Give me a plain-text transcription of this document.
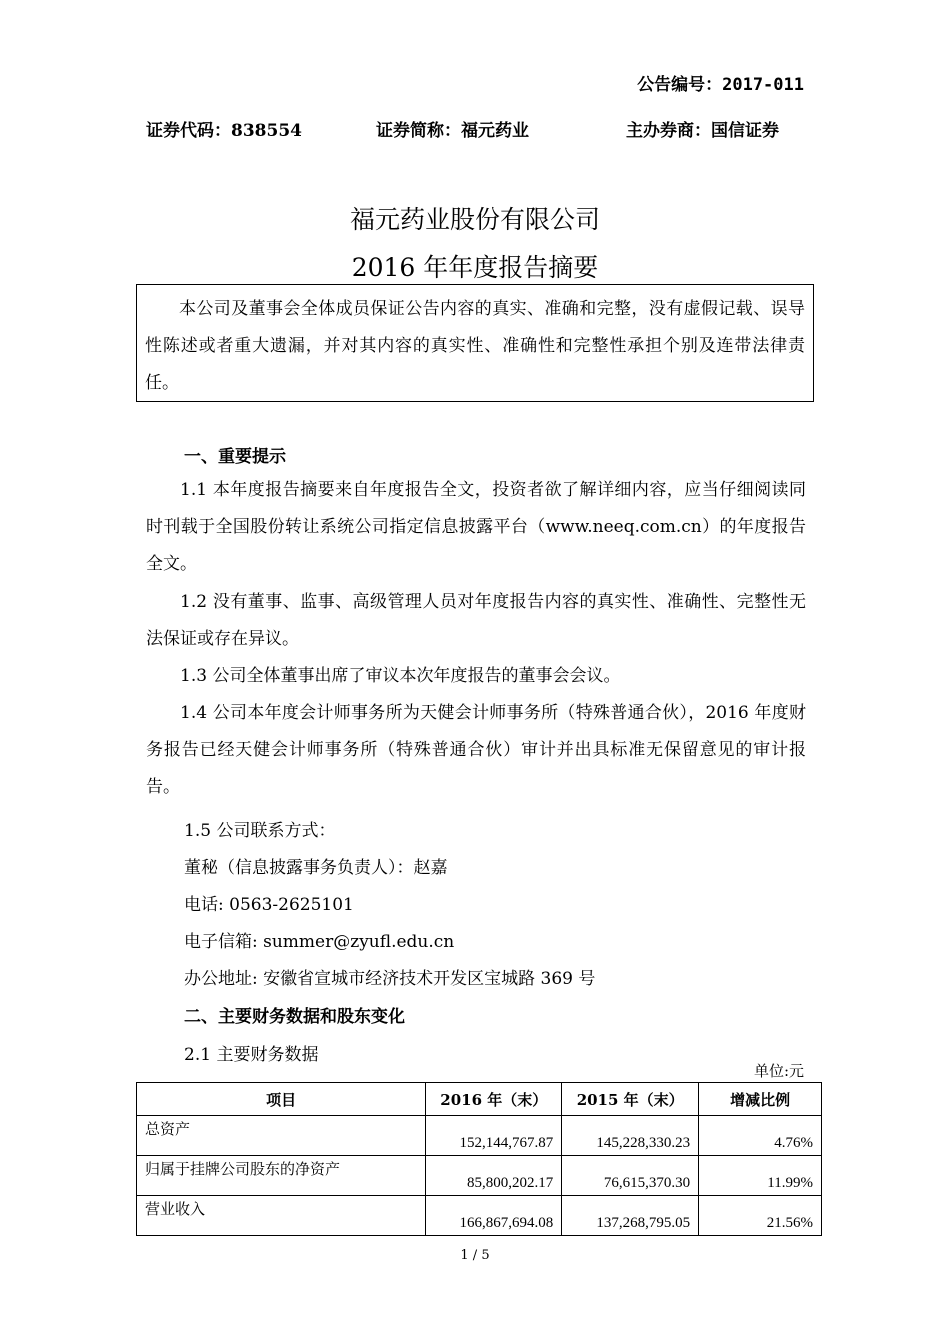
公告编号：2017-011
证券代码：838554	证券简称：福元药业	主办券商：国信证券
福元药业股份有限公司
2016 年年度报告摘要
本公司及董事会全体成员保证公告内容的真实、准确和完整，没有虚假记载、误导性陈述或者重大遗漏，并对其内容的真实性、准确性和完整性承担个别及连带法律责任。
一、重要提示
1.1 本年度报告摘要来自年度报告全文，投资者欲了解详细内容，应当仔细阅读同时刊载于全国股份转让系统公司指定信息披露平台（www.neeq.com.cn）的年度报告全文。
1.2 没有董事、监事、高级管理人员对年度报告内容的真实性、准确性、完整性无法保证或存在异议。
1.3 公司全体董事出席了审议本次年度报告的董事会会议。
1.4 公司本年度会计师事务所为天健会计师事务所（特殊普通合伙），2016 年度财务报告已经天健会计师事务所（特殊普通合伙）审计并出具标准无保留意见的审计报告。
1.5 公司联系方式：
董秘（信息披露事务负责人）：赵嘉
电话: 0563-2625101
电子信箱: summer@zyufl.edu.cn
办公地址: 安徽省宣城市经济技术开发区宝城路 369 号
二、主要财务数据和股东变化
2.1 主要财务数据
单位:元
项目	2016 年（末）	2015 年（末）	增减比例
总资产	152,144,767.87	145,228,330.23	4.76%
归属于挂牌公司股东的净资产	85,800,202.17	76,615,370.30	11.99%
营业收入	166,867,694.08	137,268,795.05	21.56%
1 / 5
